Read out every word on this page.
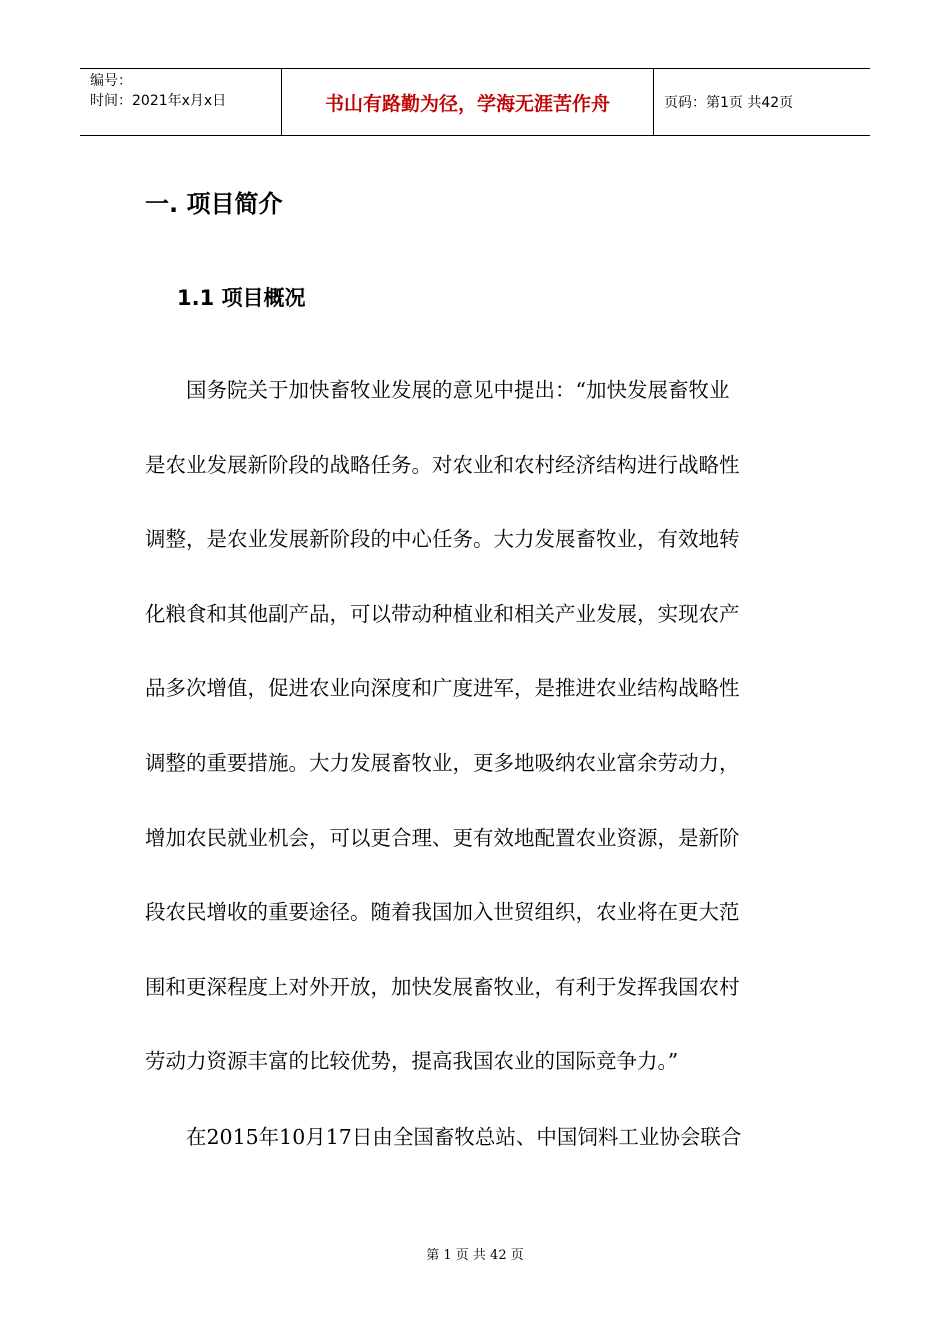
编号：
时间：2021年x月x日	书山有路勤为径，学海无涯苦作舟	页码：第1页 共42页
一. 项目简介
1.1 项目概况
　　国务院关于加快畜牧业发展的意见中提出：“加快发展畜牧业
是农业发展新阶段的战略任务。对农业和农村经济结构进行战略性
调整，是农业发展新阶段的中心任务。大力发展畜牧业，有效地转
化粮食和其他副产品，可以带动种植业和相关产业发展，实现农产
品多次增值，促进农业向深度和广度进军，是推进农业结构战略性
调整的重要措施。大力发展畜牧业，更多地吸纳农业富余劳动力，
增加农民就业机会，可以更合理、更有效地配置农业资源，是新阶
段农民增收的重要途径。随着我国加入世贸组织，农业将在更大范
围和更深程度上对外开放，加快发展畜牧业，有利于发挥我国农村
劳动力资源丰富的比较优势，提高我国农业的国际竞争力。”
　　在2015年10月17日由全国畜牧总站、中国饲料工业协会联合
第 1 页 共 42 页
